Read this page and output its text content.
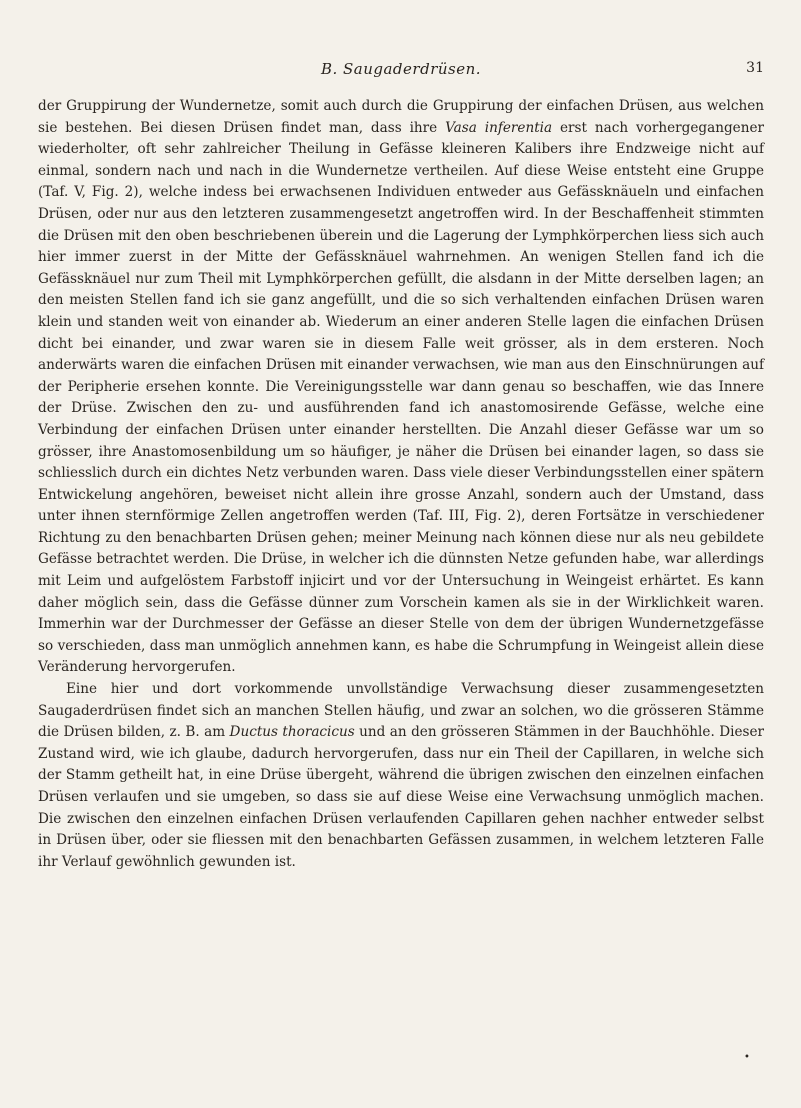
B. Saugaderdrüsen.	31

der Gruppirung der Wundernetze, somit auch durch die Gruppirung der einfachen Drüsen, aus welchen sie bestehen. Bei diesen Drüsen findet man, dass ihre Vasa inferentia erst nach vorhergegangener wiederholter, oft sehr zahlreicher Theilung in Gefässe kleineren Kalibers ihre Endzweige nicht auf einmal, sondern nach und nach in die Wundernetze vertheilen. Auf diese Weise entsteht eine Gruppe (Taf. V, Fig. 2), welche indess bei erwachsenen Individuen entweder aus Gefässknäueln und einfachen Drüsen, oder nur aus den letzteren zusammengesetzt angetroffen wird. In der Beschaffenheit stimmten die Drüsen mit den oben beschriebenen überein und die Lagerung der Lymphkörperchen liess sich auch hier immer zuerst in der Mitte der Gefässknäuel wahrnehmen. An wenigen Stellen fand ich die Gefässknäuel nur zum Theil mit Lymphkörperchen gefüllt, die alsdann in der Mitte derselben lagen; an den meisten Stellen fand ich sie ganz angefüllt, und die so sich verhaltenden einfachen Drüsen waren klein und standen weit von einander ab. Wiederum an einer anderen Stelle lagen die einfachen Drüsen dicht bei einander, und zwar waren sie in diesem Falle weit grösser, als in dem ersteren. Noch anderwärts waren die einfachen Drüsen mit einander verwachsen, wie man aus den Einschnürungen auf der Peripherie ersehen konnte. Die Vereinigungsstelle war dann genau so beschaffen, wie das Innere der Drüse. Zwischen den zu- und ausführenden fand ich anastomosirende Gefässe, welche eine Verbindung der einfachen Drüsen unter einander herstellten. Die Anzahl dieser Gefässe war um so grösser, ihre Anastomosenbildung um so häufiger, je näher die Drüsen bei einander lagen, so dass sie schliesslich durch ein dichtes Netz verbunden waren. Dass viele dieser Verbindungsstellen einer spätern Entwickelung angehören, beweiset nicht allein ihre grosse Anzahl, sondern auch der Umstand, dass unter ihnen sternförmige Zellen angetroffen werden (Taf. III, Fig. 2), deren Fortsätze in verschiedener Richtung zu den benachbarten Drüsen gehen; meiner Meinung nach können diese nur als neu gebildete Gefässe betrachtet werden. Die Drüse, in welcher ich die dünnsten Netze gefunden habe, war allerdings mit Leim und aufgelöstem Farbstoff injicirt und vor der Untersuchung in Weingeist erhärtet. Es kann daher möglich sein, dass die Gefässe dünner zum Vorschein kamen als sie in der Wirklichkeit waren. Immerhin war der Durchmesser der Gefässe an dieser Stelle von dem der übrigen Wundernetzgefässe so verschieden, dass man unmöglich annehmen kann, es habe die Schrumpfung in Weingeist allein diese Veränderung hervorgerufen.

Eine hier und dort vorkommende unvollständige Verwachsung dieser zusammengesetzten Saugaderdrüsen findet sich an manchen Stellen häufig, und zwar an solchen, wo die grösseren Stämme die Drüsen bilden, z. B. am Ductus thoracicus und an den grösseren Stämmen in der Bauchhöhle. Dieser Zustand wird, wie ich glaube, dadurch hervorgerufen, dass nur ein Theil der Capillaren, in welche sich der Stamm getheilt hat, in eine Drüse übergeht, während die übrigen zwischen den einzelnen einfachen Drüsen verlaufen und sie umgeben, so dass sie auf diese Weise eine Verwachsung unmöglich machen. Die zwischen den einzelnen einfachen Drüsen verlaufenden Capillaren gehen nachher entweder selbst in Drüsen über, oder sie fliessen mit den benachbarten Gefässen zusammen, in welchem letzteren Falle ihr Verlauf gewöhnlich gewunden ist.

•
